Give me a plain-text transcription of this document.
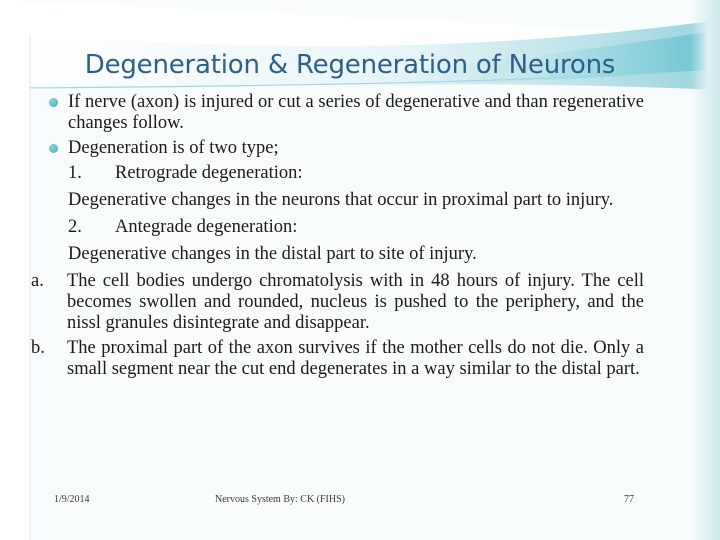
Degeneration & Regeneration of Neurons
If nerve (axon) is injured or cut a series of degenerative and than regenerative changes follow.
Degeneration is of two type;
1.	Retrograde degeneration:
Degenerative changes in the neurons that occur in proximal part to injury.
2.	Antegrade degeneration:
Degenerative changes in the distal part to site of injury.
a.	The cell bodies undergo chromatolysis with in 48 hours of injury. The cell becomes swollen and rounded, nucleus is pushed to the periphery, and the nissl granules disintegrate and disappear.
b.	The proximal part of the axon survives if the mother cells do not die. Only a small segment near the cut end degenerates in a way similar to the distal part.
1/9/2014	Nervous System By: CK (FIHS)	77
